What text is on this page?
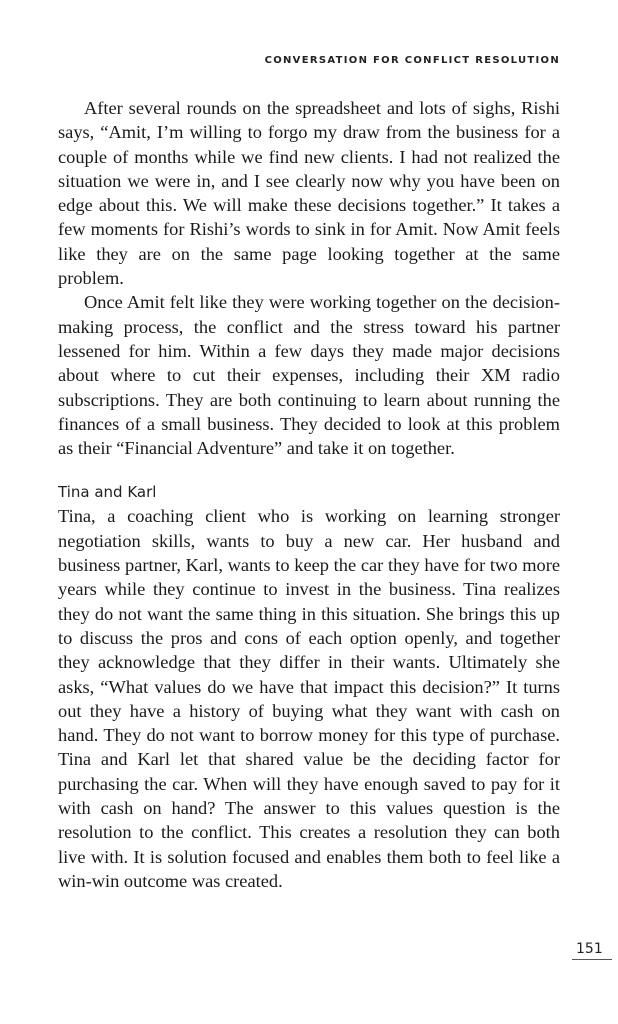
CONVERSATION FOR CONFLICT RESOLUTION

After several rounds on the spreadsheet and lots of sighs, Rishi says, “Amit, I’m willing to forgo my draw from the business for a couple of months while we find new clients. I had not realized the situation we were in, and I see clearly now why you have been on edge about this. We will make these decisions together.” It takes a few moments for Rishi’s words to sink in for Amit. Now Amit feels like they are on the same page looking together at the same problem.

Once Amit felt like they were working together on the decision-making process, the conflict and the stress toward his partner lessened for him. Within a few days they made major decisions about where to cut their expenses, including their XM radio subscriptions. They are both continuing to learn about running the finances of a small business. They decided to look at this problem as their “Financial Adventure” and take it on together.

Tina and Karl

Tina, a coaching client who is working on learning stronger negotiation skills, wants to buy a new car. Her husband and business partner, Karl, wants to keep the car they have for two more years while they continue to invest in the business. Tina realizes they do not want the same thing in this situation. She brings this up to discuss the pros and cons of each option openly, and together they acknowledge that they differ in their wants. Ultimately she asks, “What values do we have that impact this decision?” It turns out they have a history of buying what they want with cash on hand. They do not want to borrow money for this type of purchase. Tina and Karl let that shared value be the deciding factor for purchasing the car. When will they have enough saved to pay for it with cash on hand? The answer to this values question is the resolution to the conflict. This creates a resolution they can both live with. It is solution focused and enables them both to feel like a win-win outcome was created.

151
